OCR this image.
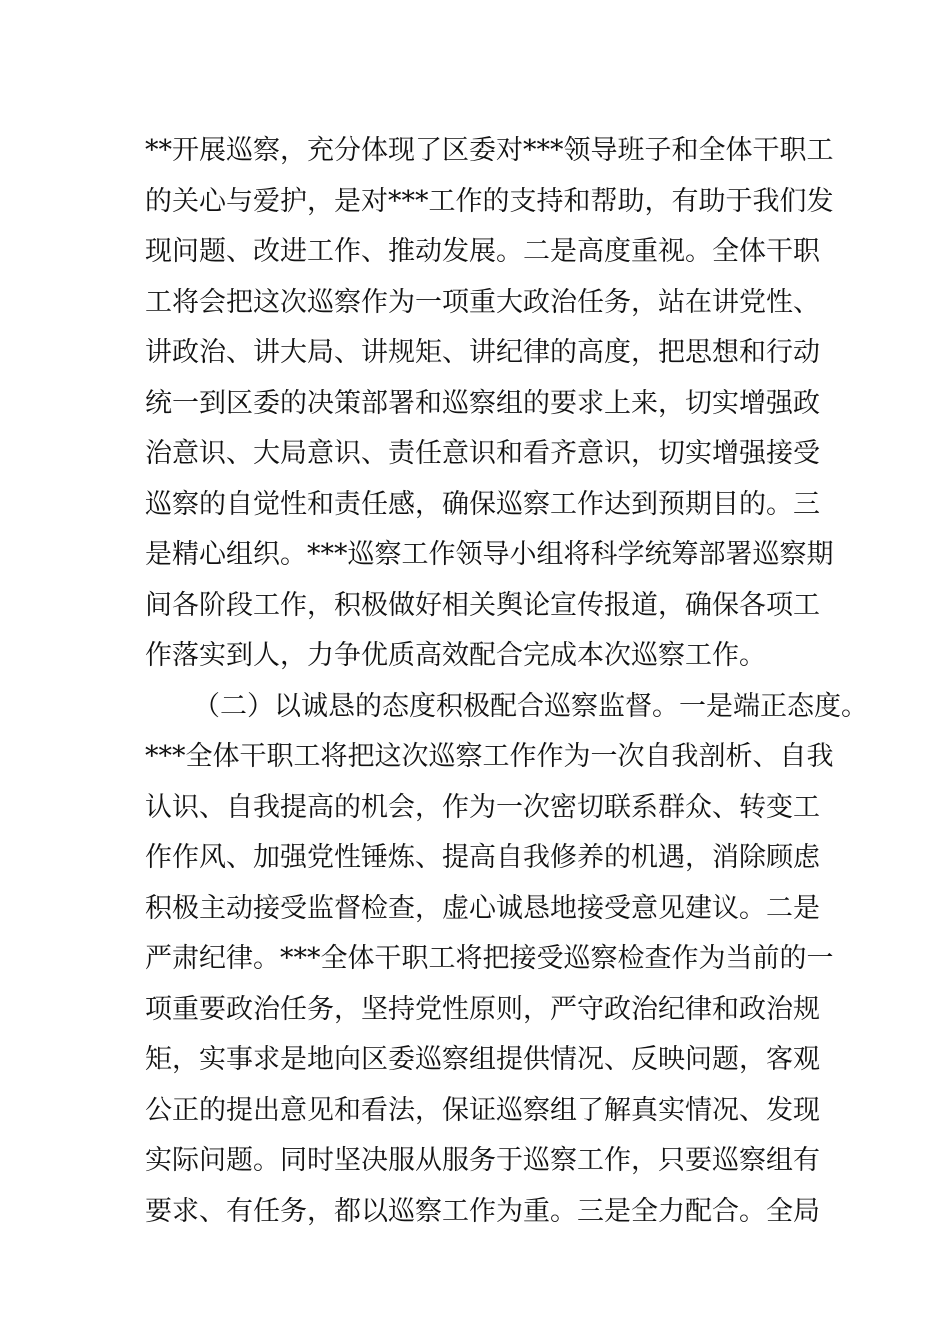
**开展巡察，充分体现了区委对***领导班子和全体干职工
的关心与爱护，是对***工作的支持和帮助，有助于我们发
现问题、改进工作、推动发展。二是高度重视。全体干职
工将会把这次巡察作为一项重大政治任务，站在讲党性、
讲政治、讲大局、讲规矩、讲纪律的高度，把思想和行动
统一到区委的决策部署和巡察组的要求上来，切实增强政
治意识、大局意识、责任意识和看齐意识，切实增强接受
巡察的自觉性和责任感，确保巡察工作达到预期目的。三
是精心组织。***巡察工作领导小组将科学统筹部署巡察期
间各阶段工作，积极做好相关舆论宣传报道，确保各项工
作落实到人，力争优质高效配合完成本次巡察工作。
（二）以诚恳的态度积极配合巡察监督。一是端正态度。
***全体干职工将把这次巡察工作作为一次自我剖析、自我
认识、自我提高的机会，作为一次密切联系群众、转变工
作作风、加强党性锤炼、提高自我修养的机遇，消除顾虑
积极主动接受监督检查，虚心诚恳地接受意见建议。二是
严肃纪律。***全体干职工将把接受巡察检查作为当前的一
项重要政治任务，坚持党性原则，严守政治纪律和政治规
矩，实事求是地向区委巡察组提供情况、反映问题，客观
公正的提出意见和看法，保证巡察组了解真实情况、发现
实际问题。同时坚决服从服务于巡察工作，只要巡察组有
要求、有任务，都以巡察工作为重。三是全力配合。全局
